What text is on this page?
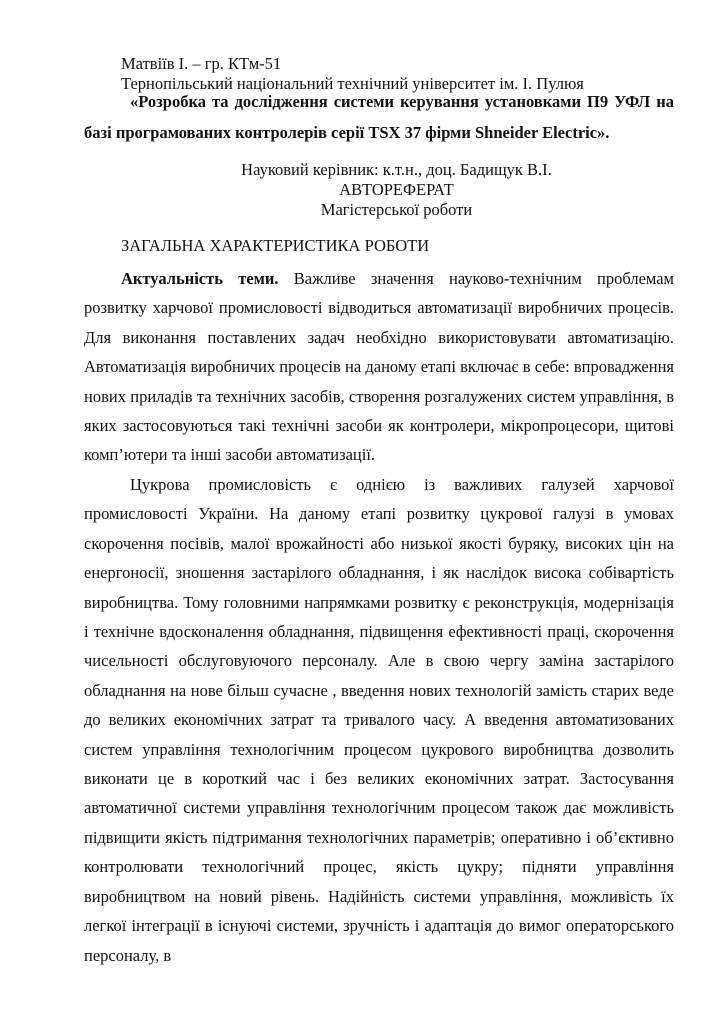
Матвіїв І. – гр. КТм-51
Тернопільський національний технічний університет ім. І. Пулюя
«Розробка та дослідження системи керування установками П9 УФЛ на базі програмованих контролерів серії TSX 37 фірми Shneider Electric».
Науковий керівник: к.т.н., доц. Бадищук В.І.
АВТОРЕФЕРАТ
Магістерської роботи
ЗАГАЛЬНА ХАРАКТЕРИСТИКА РОБОТИ
Актуальність теми. Важливе значення науково-технічним проблемам розвитку харчової промисловості відводиться автоматизації виробничих процесів. Для виконання поставлених задач необхідно використовувати автоматизацію. Автоматизація виробничих процесів на даному етапі включає в себе: впровадження нових приладів та технічних засобів, створення розгалужених систем управління, в яких застосовуються такі технічні засоби як контролери, мікропроцесори, щитові комп’ютери та інші засоби автоматизації.
Цукрова промисловість є однією із важливих галузей харчової промисловості України. На даному етапі розвитку цукрової галузі в умовах скорочення посівів, малої врожайності або низької якості буряку, високих цін на енергоносії, зношення застарілого обладнання, і як наслідок висока собівартість виробництва. Тому головними напрямками розвитку є реконструкція, модернізація і технічне вдосконалення обладнання, підвищення ефективності праці, скорочення чисельності обслуговуючого персоналу. Але в свою чергу заміна застарілого обладнання на нове більш сучасне , введення нових технологій замість старих веде до великих економічних затрат та тривалого часу. А введення автоматизованих систем управління технологічним процесом цукрового виробництва дозволить виконати це в короткий час і без великих економічних затрат. Застосування автоматичної системи управління технологічним процесом також дає можливість підвищити якість підтримання технологічних параметрів; оперативно і об’єктивно контролювати технологічний процес, якість цукру; підняти управління виробництвом на новий рівень. Надійність системи управління, можливість їх легкої інтеграції в існуючі системи, зручність і адаптація до вимог операторського персоналу, в
